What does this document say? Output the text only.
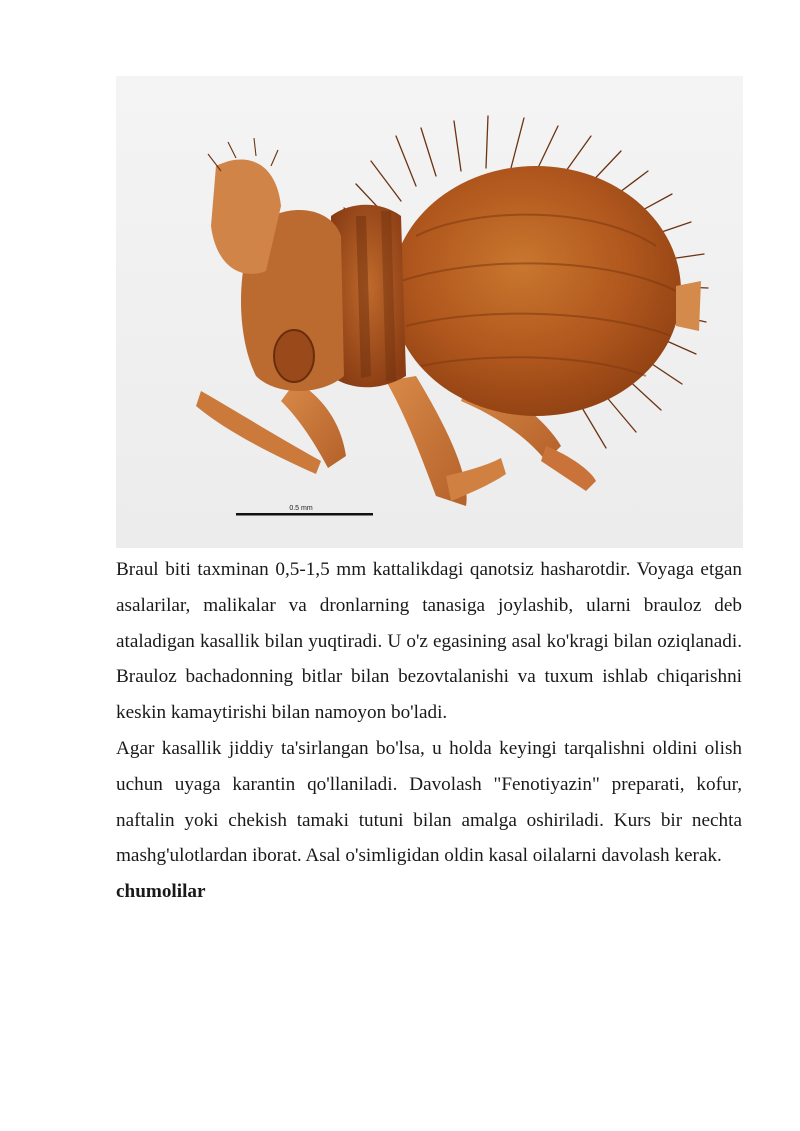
0.5 mm

Braul biti taxminan 0,5-1,5 mm kattalikdagi qanotsiz hasharotdir. Voyaga etgan asalarilar, malikalar va dronlarning tanasiga joylashib, ularni brauloz deb ataladigan kasallik bilan yuqtiradi. U o'z egasining asal ko'kragi bilan oziqlanadi. Brauloz bachadonning bitlar bilan bezovtalanishi va tuxum ishlab chiqarishni keskin kamaytirishi bilan namoyon bo'ladi.

Agar kasallik jiddiy ta'sirlangan bo'lsa, u holda keyingi tarqalishni oldini olish uchun uyaga karantin qo'llaniladi. Davolash "Fenotiyazin" preparati, kofur, naftalin yoki chekish tamaki tutuni bilan amalga oshiriladi. Kurs bir nechta mashg'ulotlardan iborat. Asal o'simligidan oldin kasal oilalarni davolash kerak.

chumolilar
